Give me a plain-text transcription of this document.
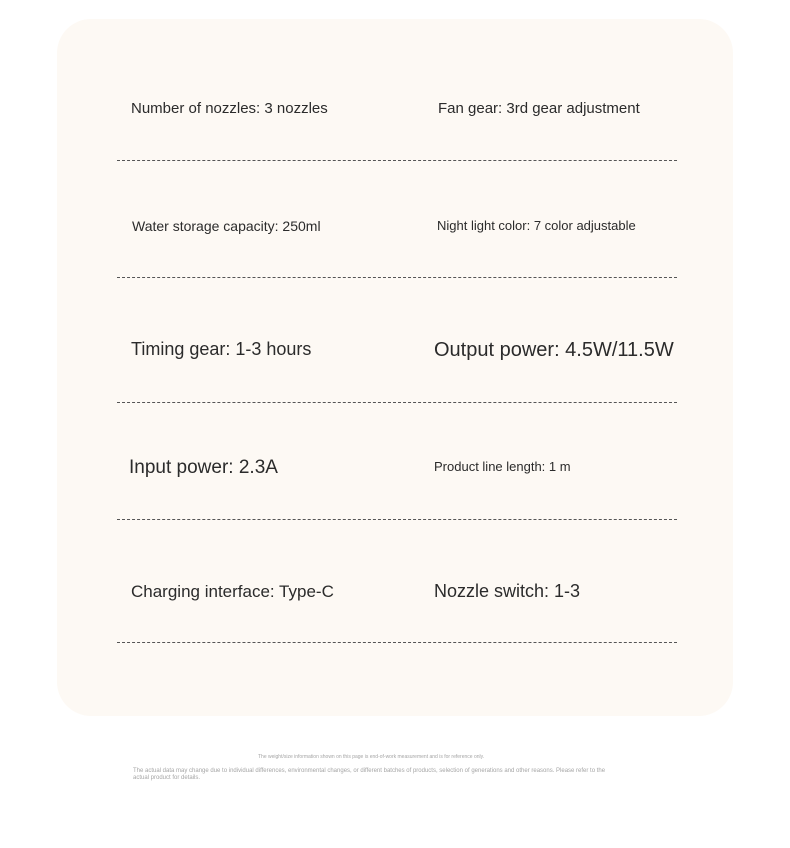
Number of nozzles: 3 nozzles	Fan gear: 3rd gear adjustment
Water storage capacity: 250ml	Night light color: 7 color adjustable
Timing gear: 1-3 hours	Output power: 4.5W/11.5W
Input power: 2.3A	Product line length: 1 m
Charging interface: Type-C	Nozzle switch: 1-3
The weight/size information shown on this page is end-of-work measurement and is for reference only.
The actual data may change due to individual differences, environmental changes, or different batches of products, selection of generations and other reasons. Please refer to the
actual product for details.
